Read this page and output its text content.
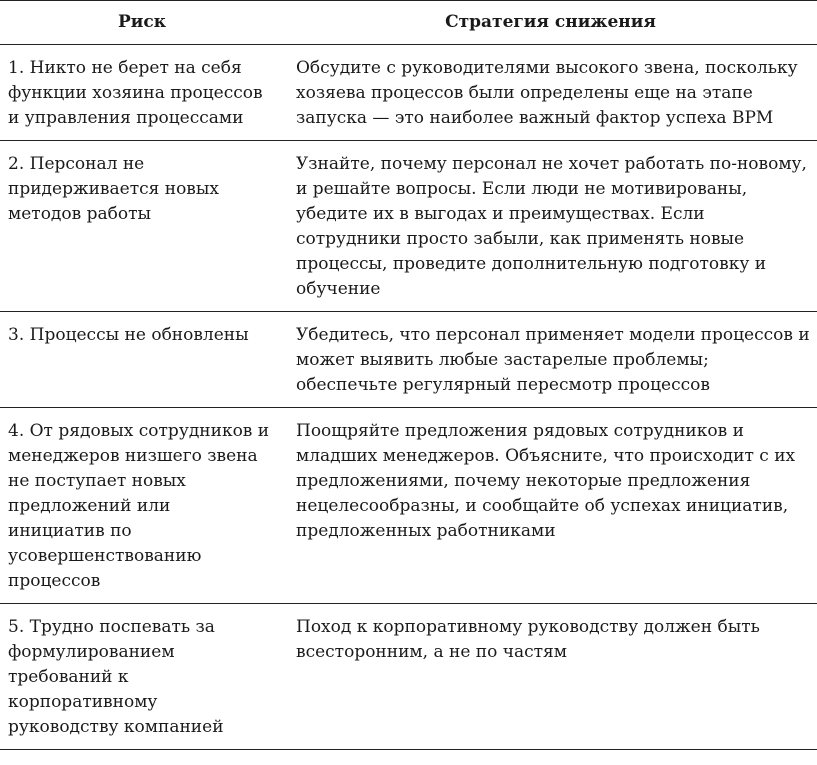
Риск	Стратегия снижения
1. Никто не берет на себя функции хозяина процессов и управления процессами	Обсудите с руководителями высокого звена, поскольку хозяева процессов были определены еще на этапе запуска — это наиболее важный фактор успеха BPM
2. Персонал не придерживается новых методов работы	Узнайте, почему персонал не хочет работать по-новому, и решайте вопросы. Если люди не мотивированы, убедите их в выгодах и преимуществах. Если сотрудники просто забыли, как применять новые процессы, проведите дополнительную подготовку и обучение
3. Процессы не обновлены	Убедитесь, что персонал применяет модели процессов и может выявить любые застарелые проблемы; обеспечьте регулярный пересмотр процессов
4. От рядовых сотрудников и менеджеров низшего звена не поступает новых предложений или инициатив по усовершенствованию процессов	Поощряйте предложения рядовых сотрудников и младших менеджеров. Объясните, что происходит с их предложениями, почему некоторые предложения нецелесообразны, и сообщайте об успехах инициатив, предложенных работниками
5. Трудно поспевать за формулированием требований к корпоративному руководству компанией	Поход к корпоративному руководству должен быть всесторонним, а не по частям
